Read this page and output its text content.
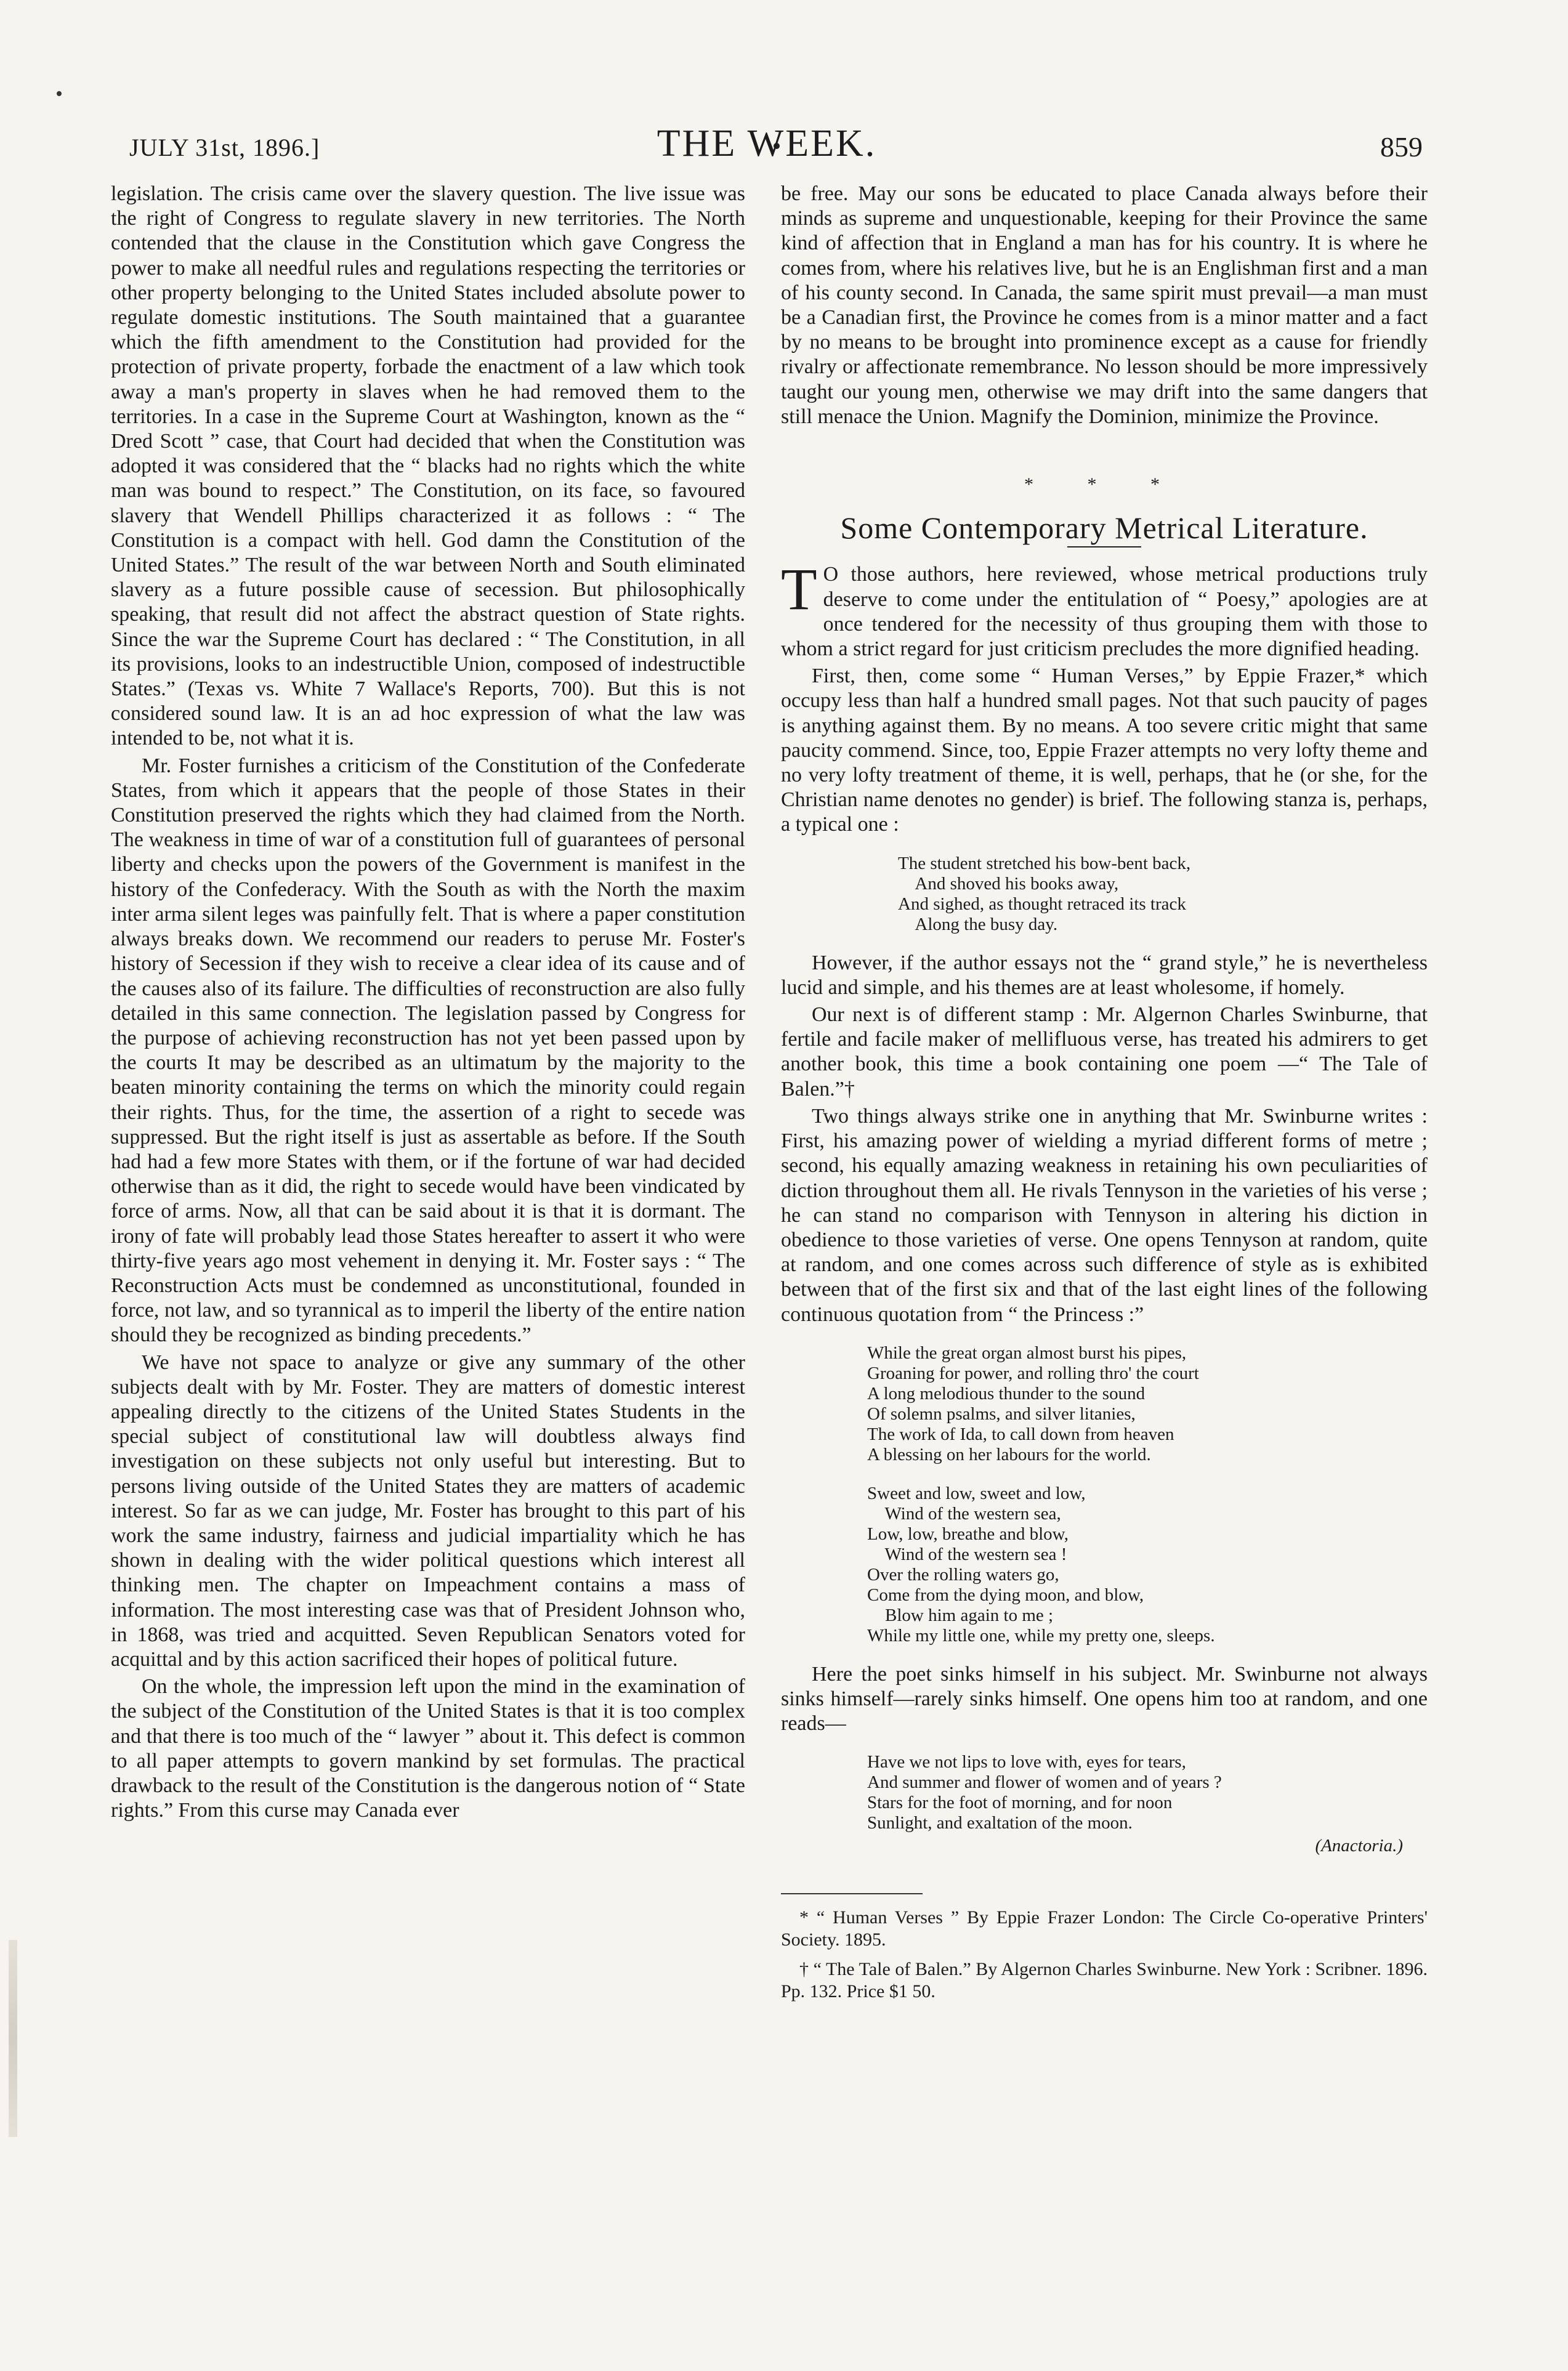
JULY 31st, 1896.]	THE WEEK.	859

legislation. The crisis came over the slavery question. The live issue was the right of Congress to regulate slavery in new territories. The North contended that the clause in the Constitution which gave Congress the power to make all needful rules and regulations respecting the territories or other property belonging to the United States included absolute power to regulate domestic institutions. The South maintained that a guarantee which the fifth amendment to the Constitution had provided for the protection of private property, forbade the enactment of a law which took away a man's property in slaves when he had removed them to the territories. In a case in the Supreme Court at Washington, known as the “ Dred Scott ” case, that Court had decided that when the Constitution was adopted it was considered that the “ blacks had no rights which the white man was bound to respect.” The Constitution, on its face, so favoured slavery that Wendell Phillips characterized it as follows : “ The Constitution is a compact with hell. God damn the Constitution of the United States.” The result of the war between North and South eliminated slavery as a future possible cause of secession. But philosophically speaking, that result did not affect the abstract question of State rights. Since the war the Supreme Court has declared : “ The Constitution, in all its provisions, looks to an indestructible Union, composed of indestructible States.” (Texas vs. White 7 Wallace's Reports, 700). But this is not considered sound law. It is an ad hoc expression of what the law was intended to be, not what it is.

Mr. Foster furnishes a criticism of the Constitution of the Confederate States, from which it appears that the people of those States in their Constitution preserved the rights which they had claimed from the North. The weakness in time of war of a constitution full of guarantees of personal liberty and checks upon the powers of the Government is manifest in the history of the Confederacy. With the South as with the North the maxim inter arma silent leges was painfully felt. That is where a paper constitution always breaks down. We recommend our readers to peruse Mr. Foster's history of Secession if they wish to receive a clear idea of its cause and of the causes also of its failure. The difficulties of reconstruction are also fully detailed in this same connection. The legislation passed by Congress for the purpose of achieving reconstruction has not yet been passed upon by the courts It may be described as an ultimatum by the majority to the beaten minority containing the terms on which the minority could regain their rights. Thus, for the time, the assertion of a right to secede was suppressed. But the right itself is just as assertable as before. If the South had had a few more States with them, or if the fortune of war had decided otherwise than as it did, the right to secede would have been vindicated by force of arms. Now, all that can be said about it is that it is dormant. The irony of fate will probably lead those States hereafter to assert it who were thirty-five years ago most vehement in denying it. Mr. Foster says : “ The Reconstruction Acts must be condemned as unconstitutional, founded in force, not law, and so tyrannical as to imperil the liberty of the entire nation should they be recognized as binding precedents.”

We have not space to analyze or give any summary of the other subjects dealt with by Mr. Foster. They are matters of domestic interest appealing directly to the citizens of the United States Students in the special subject of constitutional law will doubtless always find investigation on these subjects not only useful but interesting. But to persons living outside of the United States they are matters of academic interest. So far as we can judge, Mr. Foster has brought to this part of his work the same industry, fairness and judicial impartiality which he has shown in dealing with the wider political questions which interest all thinking men. The chapter on Impeachment contains a mass of information. The most interesting case was that of President Johnson who, in 1868, was tried and acquitted. Seven Republican Senators voted for acquittal and by this action sacrificed their hopes of political future.

On the whole, the impression left upon the mind in the examination of the subject of the Constitution of the United States is that it is too complex and that there is too much of the “ lawyer ” about it. This defect is common to all paper attempts to govern mankind by set formulas. The practical drawback to the result of the Constitution is the dangerous notion of “ State rights.” From this curse may Canada ever

be free. May our sons be educated to place Canada always before their minds as supreme and unquestionable, keeping for their Province the same kind of affection that in England a man has for his country. It is where he comes from, where his relatives live, but he is an Englishman first and a man of his county second. In Canada, the same spirit must prevail—a man must be a Canadian first, the Province he comes from is a minor matter and a fact by no means to be brought into prominence except as a cause for friendly rivalry or affectionate remembrance. No lesson should be more impressively taught our young men, otherwise we may drift into the same dangers that still menace the Union. Magnify the Dominion, minimize the Province.

* * *
Some Contemporary Metrical Literature.

T O those authors, here reviewed, whose metrical productions truly deserve to come under the entitulation of “ Poesy,” apologies are at once tendered for the necessity of thus grouping them with those to whom a strict regard for just criticism precludes the more dignified heading.

First, then, come some “ Human Verses,” by Eppie Frazer,* which occupy less than half a hundred small pages. Not that such paucity of pages is anything against them. By no means. A too severe critic might that same paucity commend. Since, too, Eppie Frazer attempts no very lofty theme and no very lofty treatment of theme, it is well, perhaps, that he (or she, for the Christian name denotes no gender) is brief. The following stanza is, perhaps, a typical one :

The student stretched his bow-bent back,
And shoved his books away,
And sighed, as thought retraced its track
Along the busy day.

However, if the author essays not the “ grand style,” he is nevertheless lucid and simple, and his themes are at least wholesome, if homely.

Our next is of different stamp : Mr. Algernon Charles Swinburne, that fertile and facile maker of mellifluous verse, has treated his admirers to get another book, this time a book containing one poem —“ The Tale of Balen.”†

Two things always strike one in anything that Mr. Swinburne writes : First, his amazing power of wielding a myriad different forms of metre ; second, his equally amazing weakness in retaining his own peculiarities of diction throughout them all. He rivals Tennyson in the varieties of his verse ; he can stand no comparison with Tennyson in altering his diction in obedience to those varieties of verse. One opens Tennyson at random, quite at random, and one comes across such difference of style as is exhibited between that of the first six and that of the last eight lines of the following continuous quotation from “ the Princess :”

While the great organ almost burst his pipes,
Groaning for power, and rolling thro' the court
A long melodious thunder to the sound
Of solemn psalms, and silver litanies,
The work of Ida, to call down from heaven
A blessing on her labours for the world.
Sweet and low, sweet and low,
Wind of the western sea,
Low, low, breathe and blow,
Wind of the western sea !
Over the rolling waters go,
Come from the dying moon, and blow,
Blow him again to me ;
While my little one, while my pretty one, sleeps.

Here the poet sinks himself in his subject. Mr. Swinburne not always sinks himself—rarely sinks himself. One opens him too at random, and one reads—

Have we not lips to love with, eyes for tears,
And summer and flower of women and of years ?
Stars for the foot of morning, and for noon
Sunlight, and exaltation of the moon.
(Anactoria.)

* “ Human Verses ” By Eppie Frazer London: The Circle Co-operative Printers' Society. 1895.

† “ The Tale of Balen.” By Algernon Charles Swinburne. New York : Scribner. 1896. Pp. 132. Price $1 50.
